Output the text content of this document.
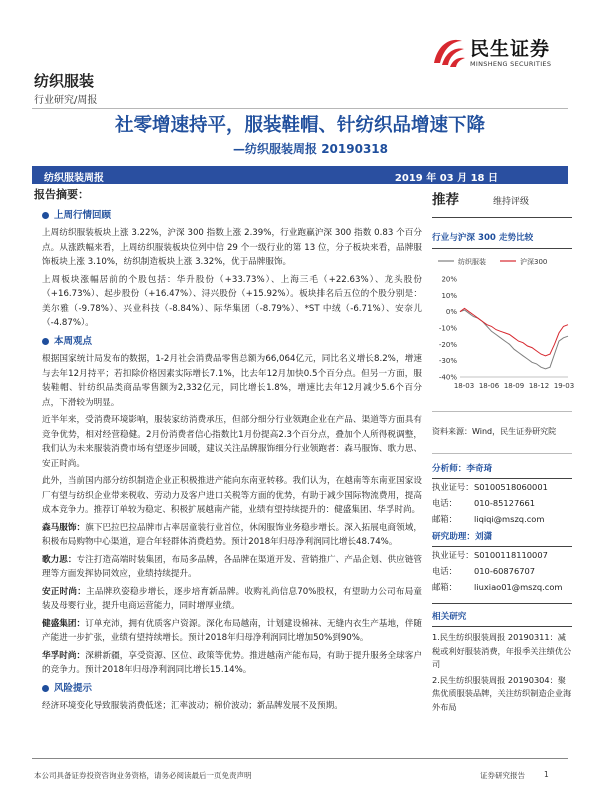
民生证券
MINSHENG SECURITIES
纺织服装
行业研究/周报
社零增速持平，服装鞋帽、针纺织品增速下降
—纺织服装周报 20190318
纺织服装周报	2019 年 03 月 18 日
报告摘要：
上周行情回顾

上周纺织服装板块上涨 3.22%，沪深 300 指数上涨 2.39%，行业跑赢沪深 300 指数 0.83 个百分点。从涨跌幅来看，上周纺织服装板块位列中信 29 个一级行业的第 13 位，分子板块来看，品牌服饰板块上涨 3.10%，纺织制造板块上涨 3.32%，优于品牌服饰。

上周板块涨幅居前的个股包括：华升股份（+33.73%）、上海三毛（+22.63%）、龙头股份（+16.73%）、起步股份（+16.47%）、浔兴股份（+15.92%）。板块排名后五位的个股分别是：美尔雅（-9.78%）、兴业科技（-8.84%）、际华集团（-8.79%）、*ST 中绒（-6.71%）、安奈儿（-4.87%）。

本周观点

根据国家统计局发布的数据，1-2月社会消费品零售总额为66,064亿元，同比名义增长8.2%，增速与去年12月持平；若扣除价格因素实际增长7.1%，比去年12月加快0.5个百分点。但另一方面，服装鞋帽、针纺织品类商品零售额为2,332亿元，同比增长1.8%，增速比去年12月减少5.6个百分点，下滑较为明显。

近半年来，受消费环境影响，服装家纺消费承压，但部分细分行业领跑企业在产品、渠道等方面具有竞争优势，相对经营稳健。2月份消费者信心指数比1月份提高2.3个百分点，叠加个人所得税调整，我们认为未来服装消费市场有望逐步回暖，建议关注品牌服饰细分行业领跑者：森马服饰、歌力思、安正时尚。

此外，当前国内部分纺织制造企业正积极推进产能向东南亚转移。我们认为，在越南等东南亚国家设厂有望与纺织企业带来税收、劳动力及客户进口关税等方面的优势，有助于减少国际物流费用，提高成本竞争力。推荐订单较为稳定、积极扩展越南产能，业绩有望持续提升的：健盛集团、华孚时尚。

森马服饰：旗下巴拉巴拉品牌市占率居童装行业首位，休闲服饰业务稳步增长。深入拓展电商领域，积极布局购物中心渠道，迎合年轻群体消费趋势。预计2018年归母净利润同比增长48.74%。

歌力思：专注打造高端时装集团，布局多品牌，各品牌在渠道开发、营销推广、产品企划、供应链管理等方面发挥协同效应，业绩持续提升。

安正时尚：主品牌玖姿稳步增长，逐步培育新品牌。收购礼尚信息70%股权，有望助力公司布局童装及母婴行业，提升电商运营能力，同时增厚业绩。

健盛集团：订单充沛，拥有优质客户资源。深化布局越南，计划建设棉袜、无缝内衣生产基地，伴随产能进一步扩张，业绩有望持续增长。预计2018年归母净利润同比增加50%到90%。

华孚时尚：深耕新疆，享受资源、区位、政策等优势。推进越南产能布局，有助于提升服务全球客户的竞争力。预计2018年归母净利润同比增长15.14%。

风险提示

经济环境变化导致服装消费低迷；汇率波动；棉价波动；新品牌发展不及预期。

推荐	维持评级
行业与沪深 300 走势比较
纺织服装	沪深300
20%
10%
0%
-10%
-20%
-30%
-40%
18-03 18-06 18-09 18-12 19-03
资料来源：Wind，民生证券研究院
分析师：李奇琦
执业证号： S0100518060001
电话：	010-85127661
邮箱：	liqiqi@mszq.com
研究助理：刘潇
执业证号： S0100118110007
电话：	010-60876707
邮箱：	liuxiao01@mszq.com
相关研究

1.民生纺织服装周报 20190311：减税或利好服装消费，年报季关注绩优公司

2.民生纺织服装周报 20190304：聚焦优质服装品牌，关注纺织制造企业海外布局

本公司具备证券投资咨询业务资格，请务必阅读最后一页免责声明	证券研究报告	1
